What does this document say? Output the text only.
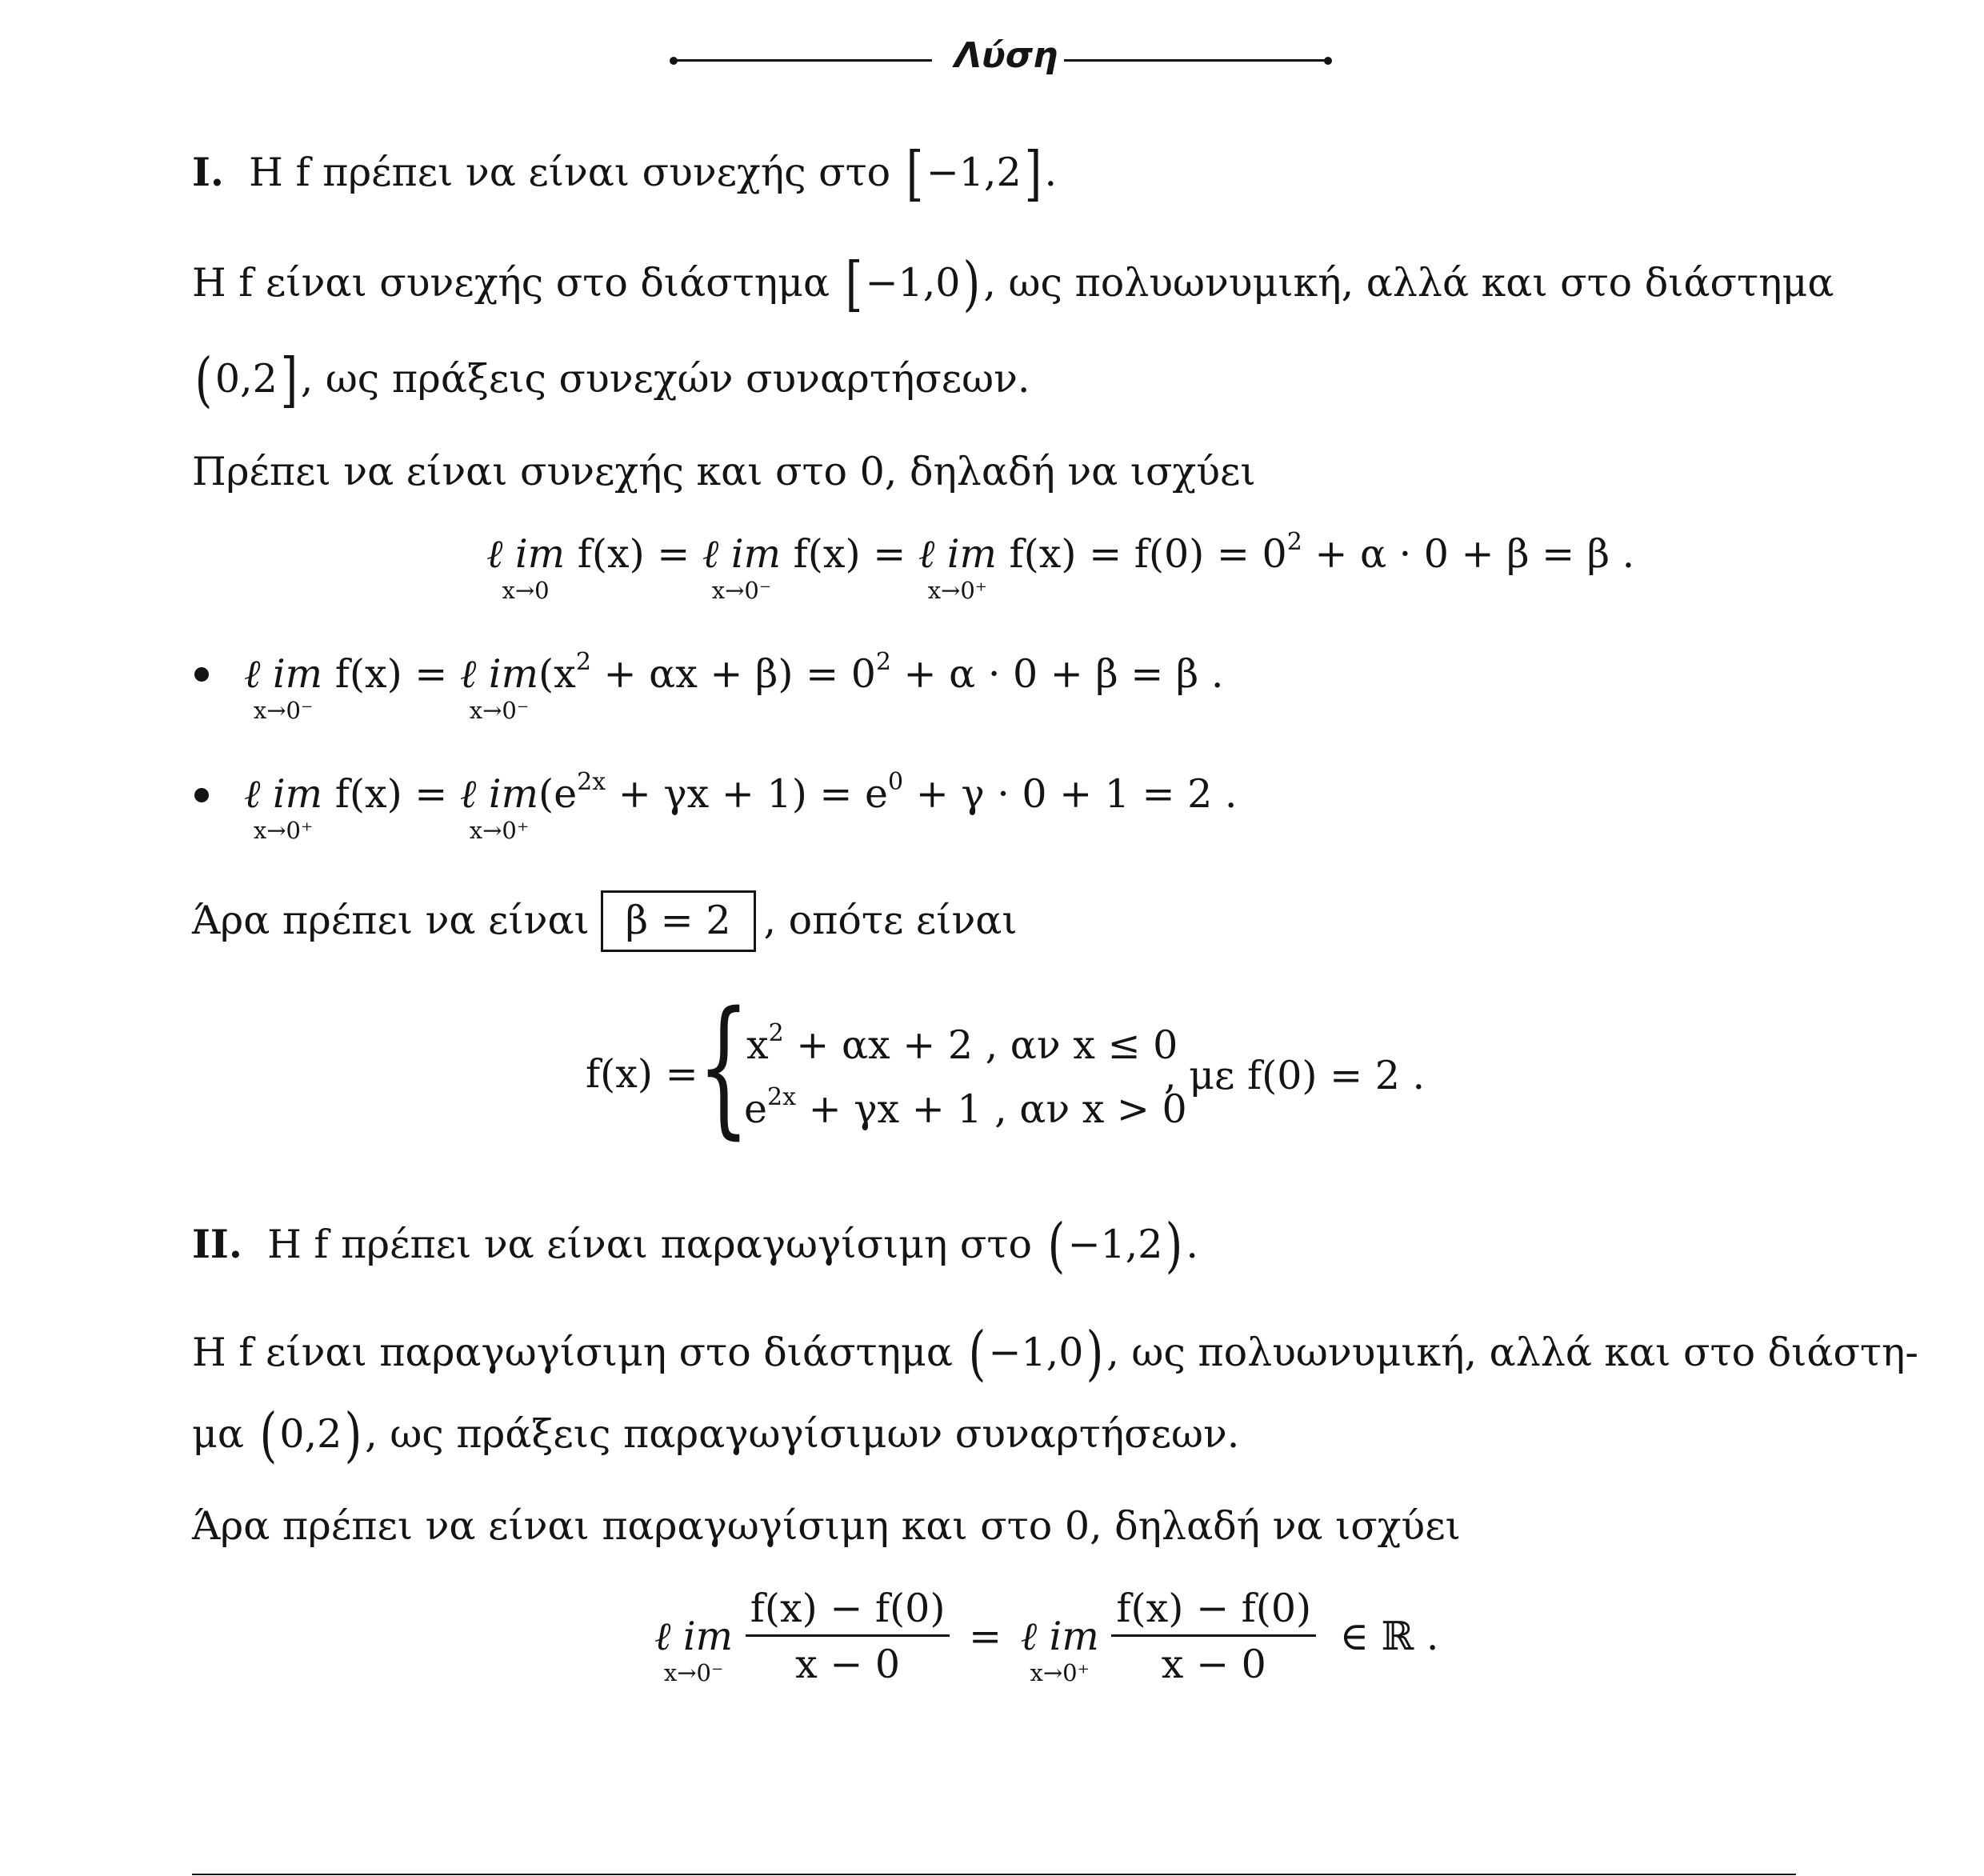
Λύση
I. Η f πρέπει να είναι συνεχής στο [−1,2].
Η f είναι συνεχής στο διάστημα [−1,0), ως πολυωνυμική, αλλά και στο διάστημα
(0,2], ως πράξεις συνεχών συναρτήσεων.
Πρέπει να είναι συνεχής και στο 0, δηλαδή να ισχύει
ℓ im
x→0
f(x) = ℓ im
x→0⁻
f(x) = ℓ im
x→0⁺
$f(x) = f(0) = 0^2 + \alpha \cdot 0 + \beta = \beta$ .
ℓ im
x→0⁻
f(x) = ℓ im
x→0⁻
$(x^2 + \alpha x + \beta) = 0^2 + \alpha \cdot 0 + \beta = \beta$ .
ℓ im
x→0⁺
f(x) = ℓ im
x→0⁺
$(e^{2x} + \gamma x + 1) = e^0 + \gamma \cdot 0 + 1 = 2$ .
Άρα πρέπει να είναι β = 2 , οπότε είναι
f(x) = {
$x^2 + \alpha x + 2$ , αν x ≤ 0
$e^{2x} + \gamma x + 1$ , αν x > 0
, με f(0) = 2 .
II. Η f πρέπει να είναι παραγωγίσιμη στο (−1,2).
Η f είναι παραγωγίσιμη στο διάστημα (−1,0), ως πολυωνυμική, αλλά και στο διάστη-
μα (0,2), ως πράξεις παραγωγίσιμων συναρτήσεων.
Άρα πρέπει να είναι παραγωγίσιμη και στο 0, δηλαδή να ισχύει
ℓ im
x→0⁻
$\frac{f(x) - f(0)}{x - 0}$ = ℓ im
x→0⁺
$\frac{f(x) - f(0)}{x - 0}$ ∈ ℝ .
